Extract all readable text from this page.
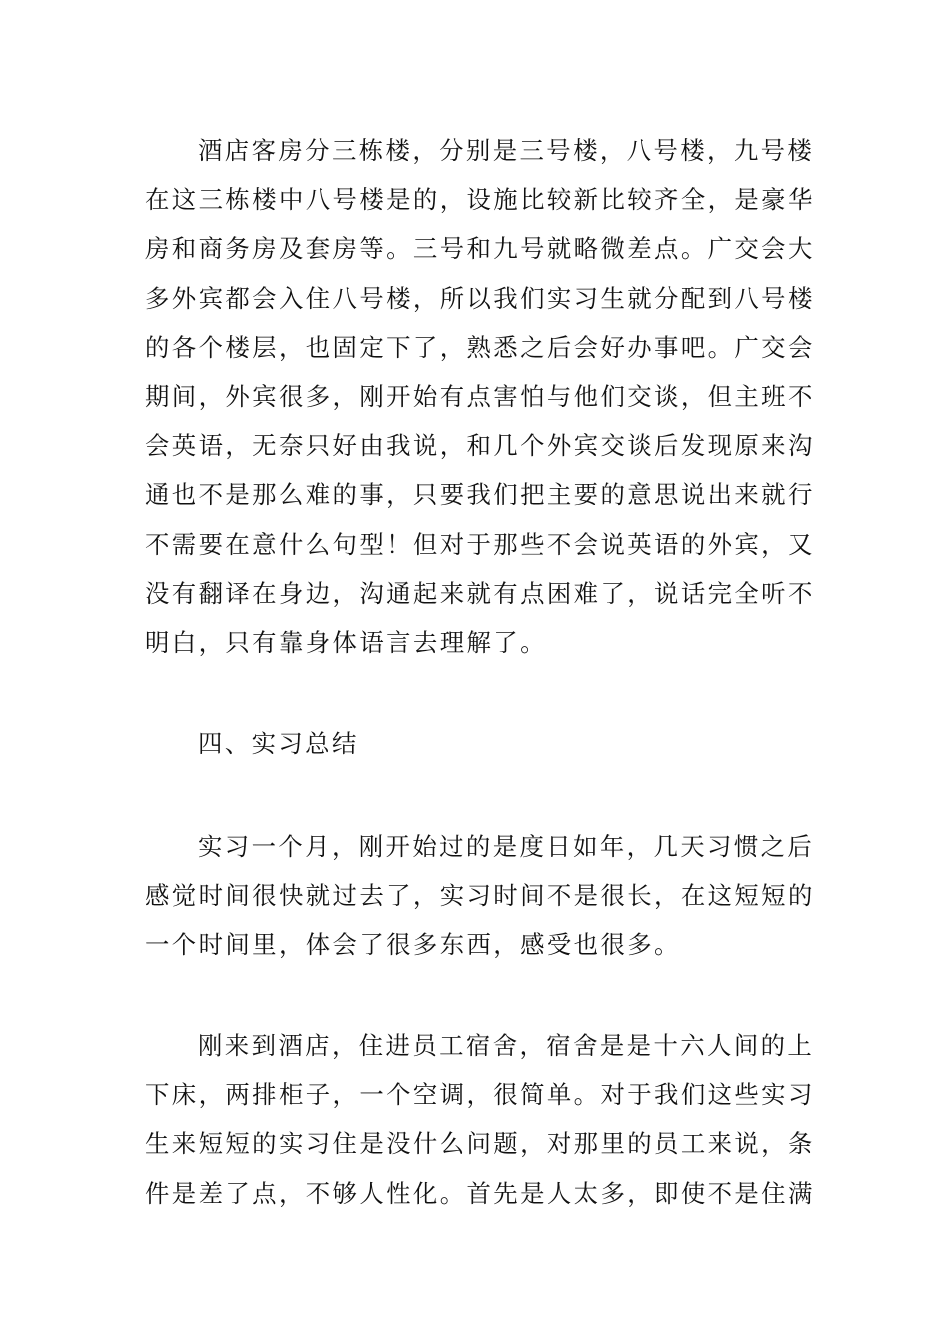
酒店客房分三栋楼，分别是三号楼，八号楼，九号楼
在这三栋楼中八号楼是的，设施比较新比较齐全，是豪华
房和商务房及套房等。三号和九号就略微差点。广交会大
多外宾都会入住八号楼，所以我们实习生就分配到八号楼
的各个楼层，也固定下了，熟悉之后会好办事吧。广交会
期间，外宾很多，刚开始有点害怕与他们交谈，但主班不
会英语，无奈只好由我说，和几个外宾交谈后发现原来沟
通也不是那么难的事，只要我们把主要的意思说出来就行
不需要在意什么句型！但对于那些不会说英语的外宾，又
没有翻译在身边，沟通起来就有点困难了，说话完全听不
明白，只有靠身体语言去理解了。
四、实习总结
实习一个月，刚开始过的是度日如年，几天习惯之后
感觉时间很快就过去了，实习时间不是很长，在这短短的
一个时间里，体会了很多东西，感受也很多。
刚来到酒店，住进员工宿舍，宿舍是是十六人间的上
下床，两排柜子，一个空调，很简单。对于我们这些实习
生来短短的实习住是没什么问题，对那里的员工来说，条
件是差了点，不够人性化。首先是人太多，即使不是住满
